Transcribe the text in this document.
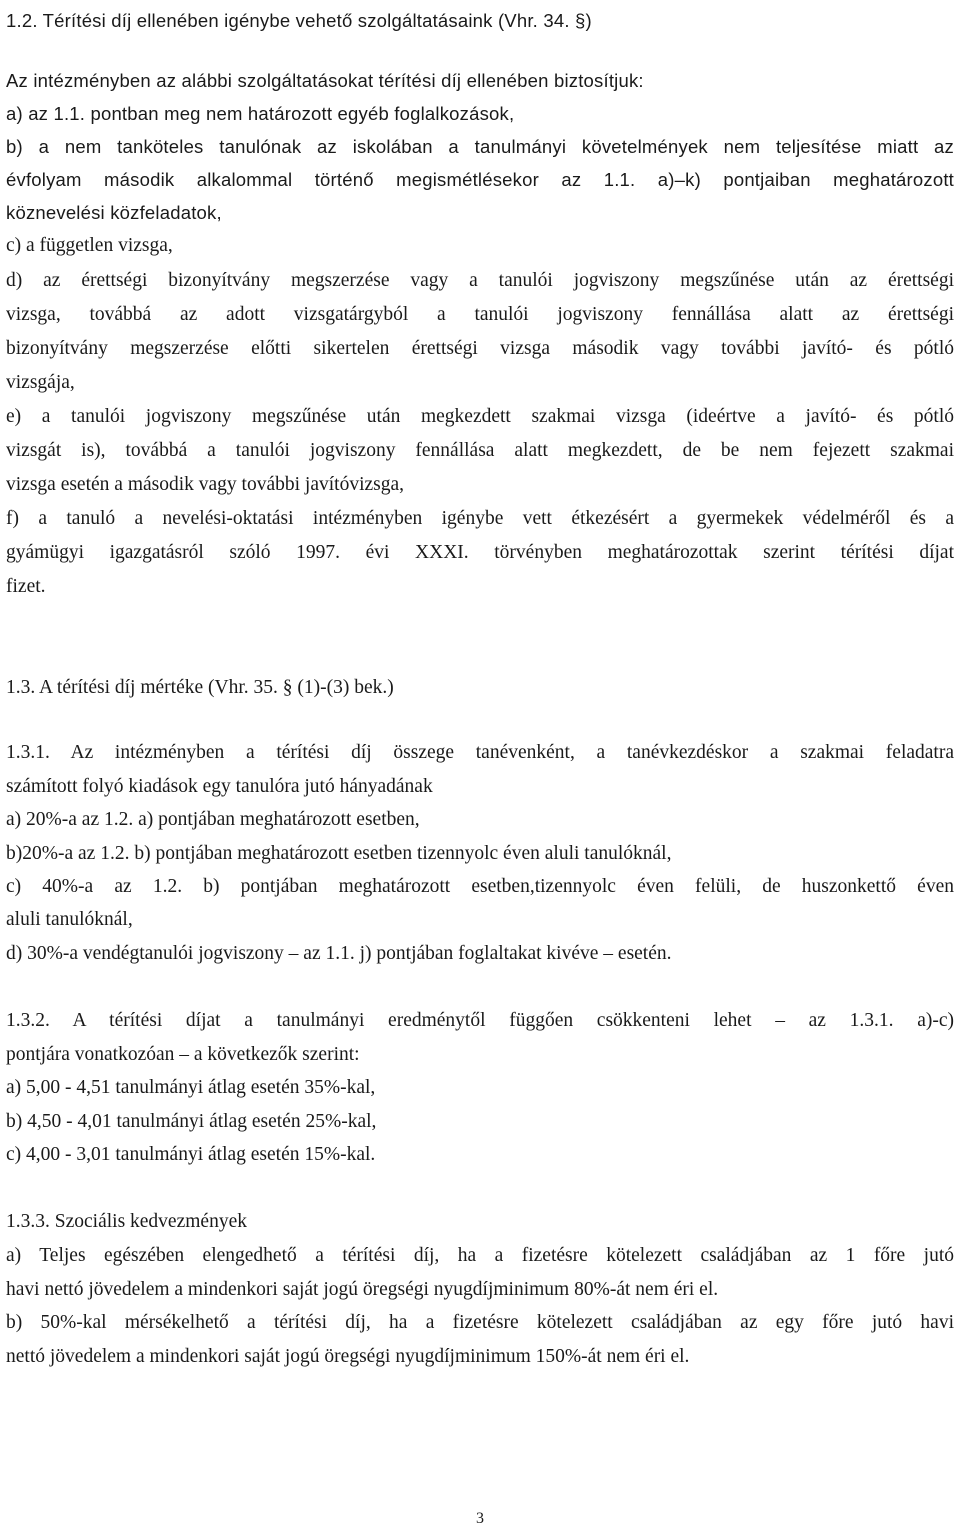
1.2. Térítési díj ellenében igénybe vehető szolgáltatásaink (Vhr. 34. §)
Az intézményben az alábbi szolgáltatásokat térítési díj ellenében biztosítjuk:
a) az 1.1. pontban meg nem határozott egyéb foglalkozások,
b) a nem tanköteles tanulónak az iskolában a tanulmányi követelmények nem teljesítése miatt az
évfolyam második alkalommal történő megismétlésekor az 1.1. a)–k) pontjaiban meghatározott
köznevelési közfeladatok,
c) a független vizsga,
d) az érettségi bizonyítvány megszerzése vagy a tanulói jogviszony megszűnése után az érettségi
vizsga, továbbá az adott vizsgatárgyból a tanulói jogviszony fennállása alatt az érettségi
bizonyítvány megszerzése előtti sikertelen érettségi vizsga második vagy további javító- és pótló
vizsgája,
e) a tanulói jogviszony megszűnése után megkezdett szakmai vizsga (ideértve a javító- és pótló
vizsgát is), továbbá a tanulói jogviszony fennállása alatt megkezdett, de be nem fejezett szakmai
vizsga esetén a második vagy további javítóvizsga,
f) a tanuló a nevelési-oktatási intézményben igénybe vett étkezésért a gyermekek védelméről és a
gyámügyi igazgatásról szóló 1997. évi XXXI. törvényben meghatározottak szerint térítési díjat
fizet.
1.3. A térítési díj mértéke (Vhr. 35. § (1)-(3) bek.)
1.3.1. Az intézményben a térítési díj összege tanévenként, a tanévkezdéskor a szakmai feladatra
számított folyó kiadások egy tanulóra jutó hányadának
a) 20%-a az 1.2. a) pontjában meghatározott esetben,
b)20%-a az 1.2. b) pontjában meghatározott esetben tizennyolc éven aluli tanulóknál,
c) 40%-a az 1.2. b) pontjában meghatározott esetben,tizennyolc éven felüli, de huszonkettő éven
aluli tanulóknál,
d) 30%-a vendégtanulói jogviszony – az 1.1. j) pontjában foglaltakat kivéve – esetén.
1.3.2. A térítési díjat a tanulmányi eredménytől függően csökkenteni lehet – az 1.3.1. a)-c)
pontjára vonatkozóan – a következők szerint:
a) 5,00 - 4,51 tanulmányi átlag esetén 35%-kal,
b) 4,50 - 4,01 tanulmányi átlag esetén 25%-kal,
c) 4,00 - 3,01 tanulmányi átlag esetén 15%-kal.
1.3.3. Szociális kedvezmények
a) Teljes egészében elengedhető a térítési díj, ha a fizetésre kötelezett családjában az 1 főre jutó
havi nettó jövedelem a mindenkori saját jogú öregségi nyugdíjminimum 80%-át nem éri el.
b) 50%-kal mérsékelhető a térítési díj, ha a fizetésre kötelezett családjában az egy főre jutó havi
nettó jövedelem a mindenkori saját jogú öregségi nyugdíjminimum 150%-át nem éri el.
3
